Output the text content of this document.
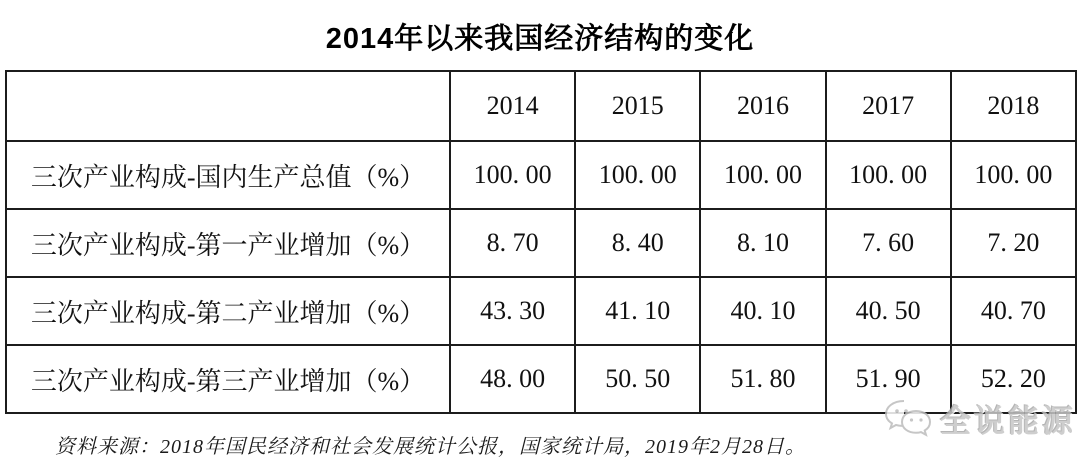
2014年以来我国经济结构的变化
	2014	2015	2016	2017	2018
三次产业构成-国内生产总值（%）	100. 00	100. 00	100. 00	100. 00	100. 00
三次产业构成-第一产业增加（%）	8. 70	8. 40	8. 10	7. 60	7. 20
三次产业构成-第二产业增加（%）	43. 30	41. 10	40. 10	40. 50	40. 70
三次产业构成-第三产业增加（%）	48. 00	50. 50	51. 80	51. 90	52. 20
资料来源：2018年国民经济和社会发展统计公报，国家统计局，2019年2月28日。
全说能源
